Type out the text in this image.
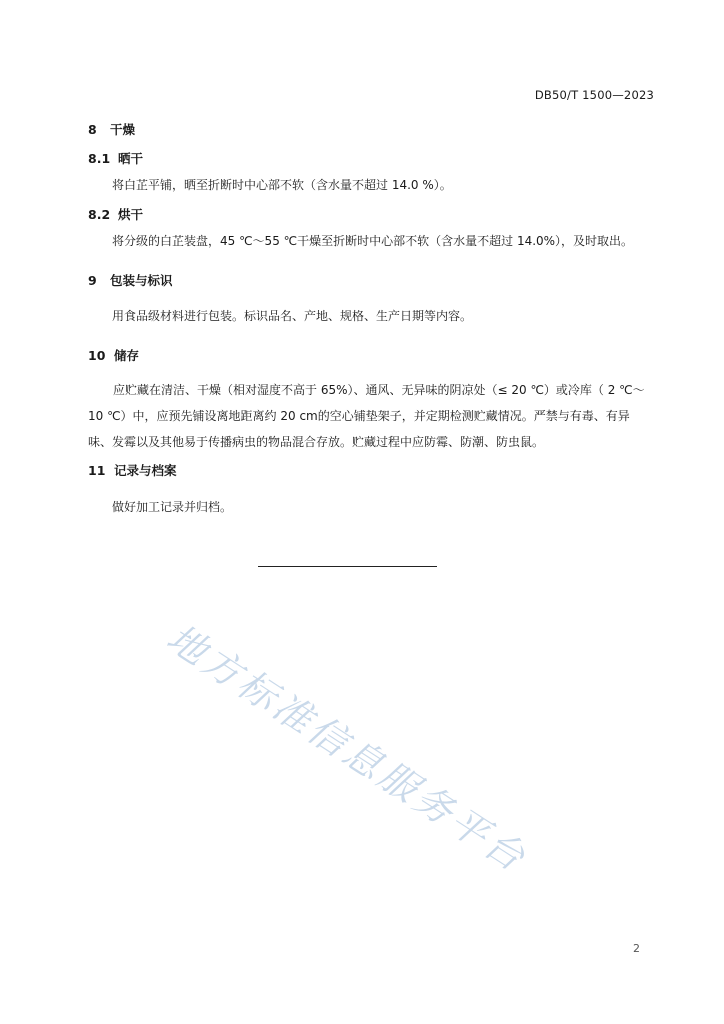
DB50/T 1500—2023
8 干燥
8.1 晒干
将白芷平铺，晒至折断时中心部不软（含水量不超过 14.0 %）。
8.2 烘干
将分级的白芷装盘，45 ℃～55 ℃干燥至折断时中心部不软（含水量不超过 14.0%），及时取出。
9 包装与标识
用食品级材料进行包装。标识品名、产地、规格、生产日期等内容。
10 储存
应贮藏在清洁、干燥（相对湿度不高于 65%）、通风、无异味的阴凉处（≤ 20 ℃）或冷库（ 2 ℃～
10 ℃）中，应预先铺设离地距离约 20 cm的空心铺垫架子，并定期检测贮藏情况。严禁与有毒、有异
味、发霉以及其他易于传播病虫的物品混合存放。贮藏过程中应防霉、防潮、防虫鼠。
11 记录与档案
做好加工记录并归档。
地方标准信息服务平台
2
